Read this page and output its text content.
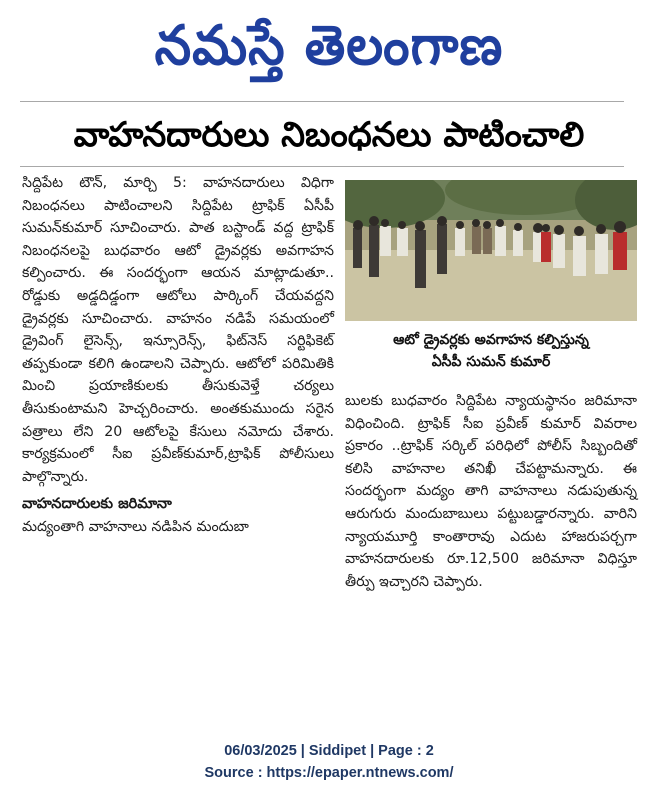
నమస్తే తెలంగాణ
వాహనదారులు నిబంధనలు పాటించాలి

సిద్దిపేట టౌన్, మార్చి 5: వాహనదారులు విధిగా నిబంధనలు పాటించాలని సిద్దిపేట ట్రాఫిక్ ఏసీపీ సుమన్‌కుమార్ సూచించారు. పాత బస్టాండ్ వద్ద ట్రాఫిక్ నిబంధనలపై బుధవారం ఆటో డ్రైవర్లకు అవగాహన కల్పించారు. ఈ సందర్భంగా ఆయన మాట్లాడుతూ.. రోడ్డుకు అడ్డదిడ్డంగా ఆటోలు పార్కింగ్ చేయవద్దని డ్రైవర్లకు సూచించారు. వాహనం నడిపే సమయంలో డ్రైవింగ్ లైసెన్స్, ఇన్సూరెన్స్, ఫిట్‌నెస్ సర్టిఫికెట్ తప్పకుండా కలిగి ఉండాలని చెప్పారు. ఆటోలో పరిమితికి మించి ప్రయాణికులకు తీసుకువెళ్తే చర్యలు తీసుకుంటామని హెచ్చరించారు. అంతకుముందు సరైన పత్రాలు లేని 20 ఆటోలపై కేసులు నమోదు చేశారు. కార్యక్రమంలో సీఐ ప్రవీణ్‌కుమార్,ట్రాఫిక్ పోలీసులు పాల్గొన్నారు.

వాహనదారులకు జరిమానా

మద్యంతాగి వాహనాలు నడిపిన మందుబా

ఆటో డ్రైవర్లకు అవగాహన కల్పిస్తున్న
ఏసీపీ సుమన్ కుమార్

బులకు బుధవారం సిద్దిపేట న్యాయస్థానం జరిమానా విధించింది. ట్రాఫిక్ సీఐ ప్రవీణ్ కుమార్ వివరాల ప్రకారం ..ట్రాఫిక్ సర్కిల్ పరిధిలో పోలీస్ సిబ్బందితో కలిసి వాహనాల తనిఖీ చేపట్టామన్నారు. ఈ సందర్భంగా మద్యం తాగి వాహనాలు నడుపుతున్న ఆరుగురు మందుబాబులు పట్టుబడ్డారన్నారు. వారిని న్యాయమూర్తి కాంతారావు ఎదుట హాజరుపర్చగా వాహనదారులకు రూ.12,500 జరిమానా విధిస్తూ తీర్పు ఇచ్చారని చెప్పారు.

06/03/2025 | Siddipet | Page : 2
Source : https://epaper.ntnews.com/
